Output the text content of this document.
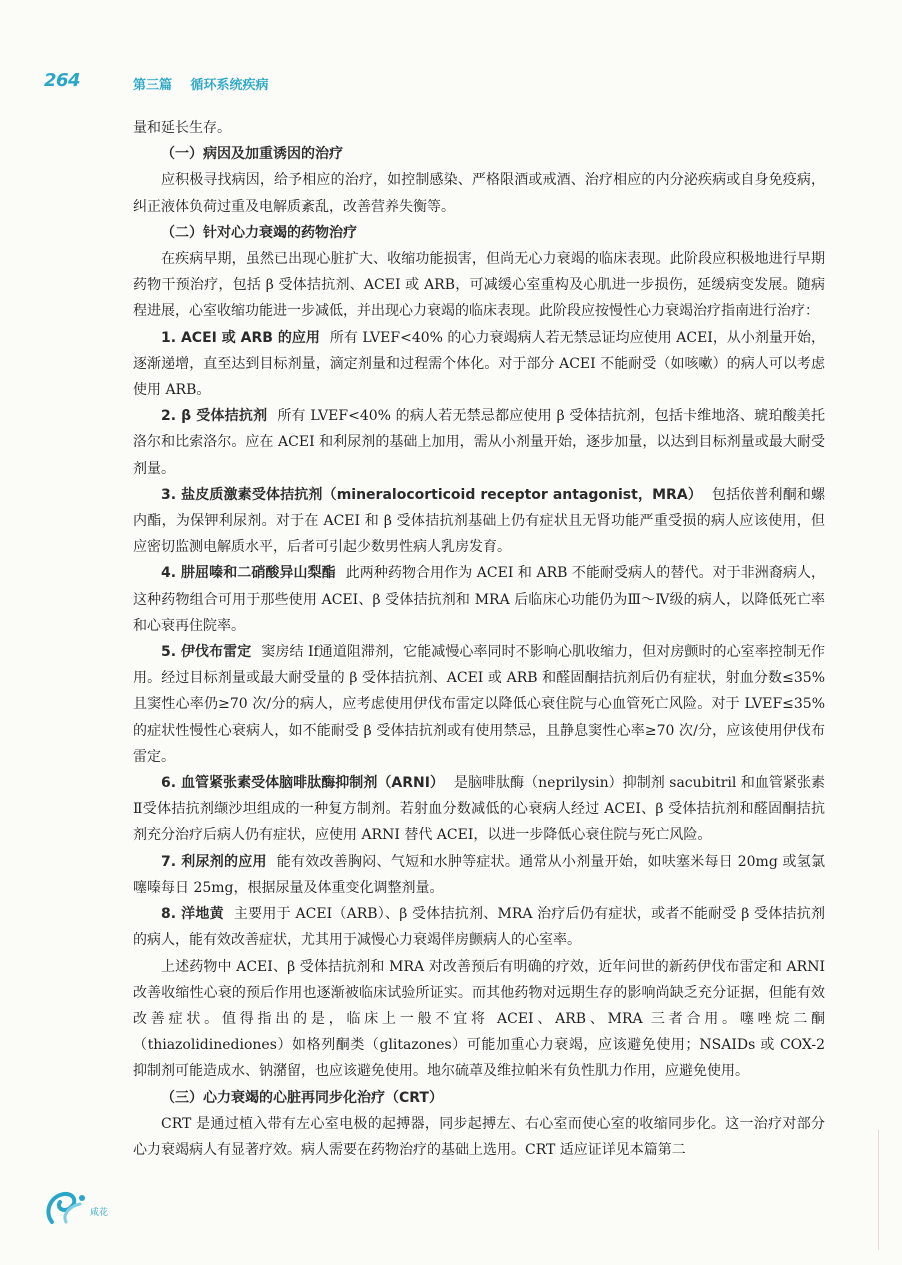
264	第三篇 循环系统疾病

量和延长生存。

（一）病因及加重诱因的治疗

应积极寻找病因，给予相应的治疗，如控制感染、严格限酒或戒酒、治疗相应的内分泌疾病或自身免疫病，纠正液体负荷过重及电解质紊乱，改善营养失衡等。

（二）针对心力衰竭的药物治疗

在疾病早期，虽然已出现心脏扩大、收缩功能损害，但尚无心力衰竭的临床表现。此阶段应积极地进行早期药物干预治疗，包括 β 受体拮抗剂、ACEI 或 ARB，可减缓心室重构及心肌进一步损伤，延缓病变发展。随病程进展，心室收缩功能进一步减低，并出现心力衰竭的临床表现。此阶段应按慢性心力衰竭治疗指南进行治疗：

1. ACEI 或 ARB 的应用 所有 LVEF<40% 的心力衰竭病人若无禁忌证均应使用 ACEI，从小剂量开始，逐渐递增，直至达到目标剂量，滴定剂量和过程需个体化。对于部分 ACEI 不能耐受（如咳嗽）的病人可以考虑使用 ARB。

2. β 受体拮抗剂 所有 LVEF<40% 的病人若无禁忌都应使用 β 受体拮抗剂，包括卡维地洛、琥珀酸美托洛尔和比索洛尔。应在 ACEI 和利尿剂的基础上加用，需从小剂量开始，逐步加量，以达到目标剂量或最大耐受剂量。

3. 盐皮质激素受体拮抗剂（mineralocorticoid receptor antagonist，MRA） 包括依普利酮和螺内酯，为保钾利尿剂。对于在 ACEI 和 β 受体拮抗剂基础上仍有症状且无肾功能严重受损的病人应该使用，但应密切监测电解质水平，后者可引起少数男性病人乳房发育。

4. 肼屈嗪和二硝酸异山梨酯 此两种药物合用作为 ACEI 和 ARB 不能耐受病人的替代。对于非洲裔病人，这种药物组合可用于那些使用 ACEI、β 受体拮抗剂和 MRA 后临床心功能仍为Ⅲ～Ⅳ级的病人，以降低死亡率和心衰再住院率。

5. 伊伐布雷定 窦房结 If通道阻滞剂，它能减慢心率同时不影响心肌收缩力，但对房颤时的心室率控制无作用。经过目标剂量或最大耐受量的 β 受体拮抗剂、ACEI 或 ARB 和醛固酮拮抗剂后仍有症状，射血分数≤35% 且窦性心率仍≥70 次/分的病人，应考虑使用伊伐布雷定以降低心衰住院与心血管死亡风险。对于 LVEF≤35% 的症状性慢性心衰病人，如不能耐受 β 受体拮抗剂或有使用禁忌，且静息窦性心率≥70 次/分，应该使用伊伐布雷定。

6. 血管紧张素受体脑啡肽酶抑制剂（ARNI） 是脑啡肽酶（neprilysin）抑制剂 sacubitril 和血管紧张素Ⅱ受体拮抗剂缬沙坦组成的一种复方制剂。若射血分数减低的心衰病人经过 ACEI、β 受体拮抗剂和醛固酮拮抗剂充分治疗后病人仍有症状，应使用 ARNI 替代 ACEI，以进一步降低心衰住院与死亡风险。

7. 利尿剂的应用 能有效改善胸闷、气短和水肿等症状。通常从小剂量开始，如呋塞米每日 20mg 或氢氯噻嗪每日 25mg，根据尿量及体重变化调整剂量。

8. 洋地黄 主要用于 ACEI（ARB）、β 受体拮抗剂、MRA 治疗后仍有症状，或者不能耐受 β 受体拮抗剂的病人，能有效改善症状，尤其用于减慢心力衰竭伴房颤病人的心室率。

上述药物中 ACEI、β 受体拮抗剂和 MRA 对改善预后有明确的疗效，近年问世的新药伊伐布雷定和 ARNI 改善收缩性心衰的预后作用也逐渐被临床试验所证实。而其他药物对远期生存的影响尚缺乏充分证据，但能有效改善症状。值得指出的是，临床上一般不宜将 ACEI、ARB、MRA 三者合用。噻唑烷二酮（thiazolidinediones）如格列酮类（glitazones）可能加重心力衰竭，应该避免使用；NSAIDs 或 COX-2 抑制剂可能造成水、钠潴留，也应该避免使用。地尔硫䓬及维拉帕米有负性肌力作用，应避免使用。

（三）心力衰竭的心脏再同步化治疗（CRT）

CRT 是通过植入带有左心室电极的起搏器，同步起搏左、右心室而使心室的收缩同步化。这一治疗对部分心力衰竭病人有显著疗效。病人需要在药物治疗的基础上选用。CRT 适应证详见本篇第二

咸花
